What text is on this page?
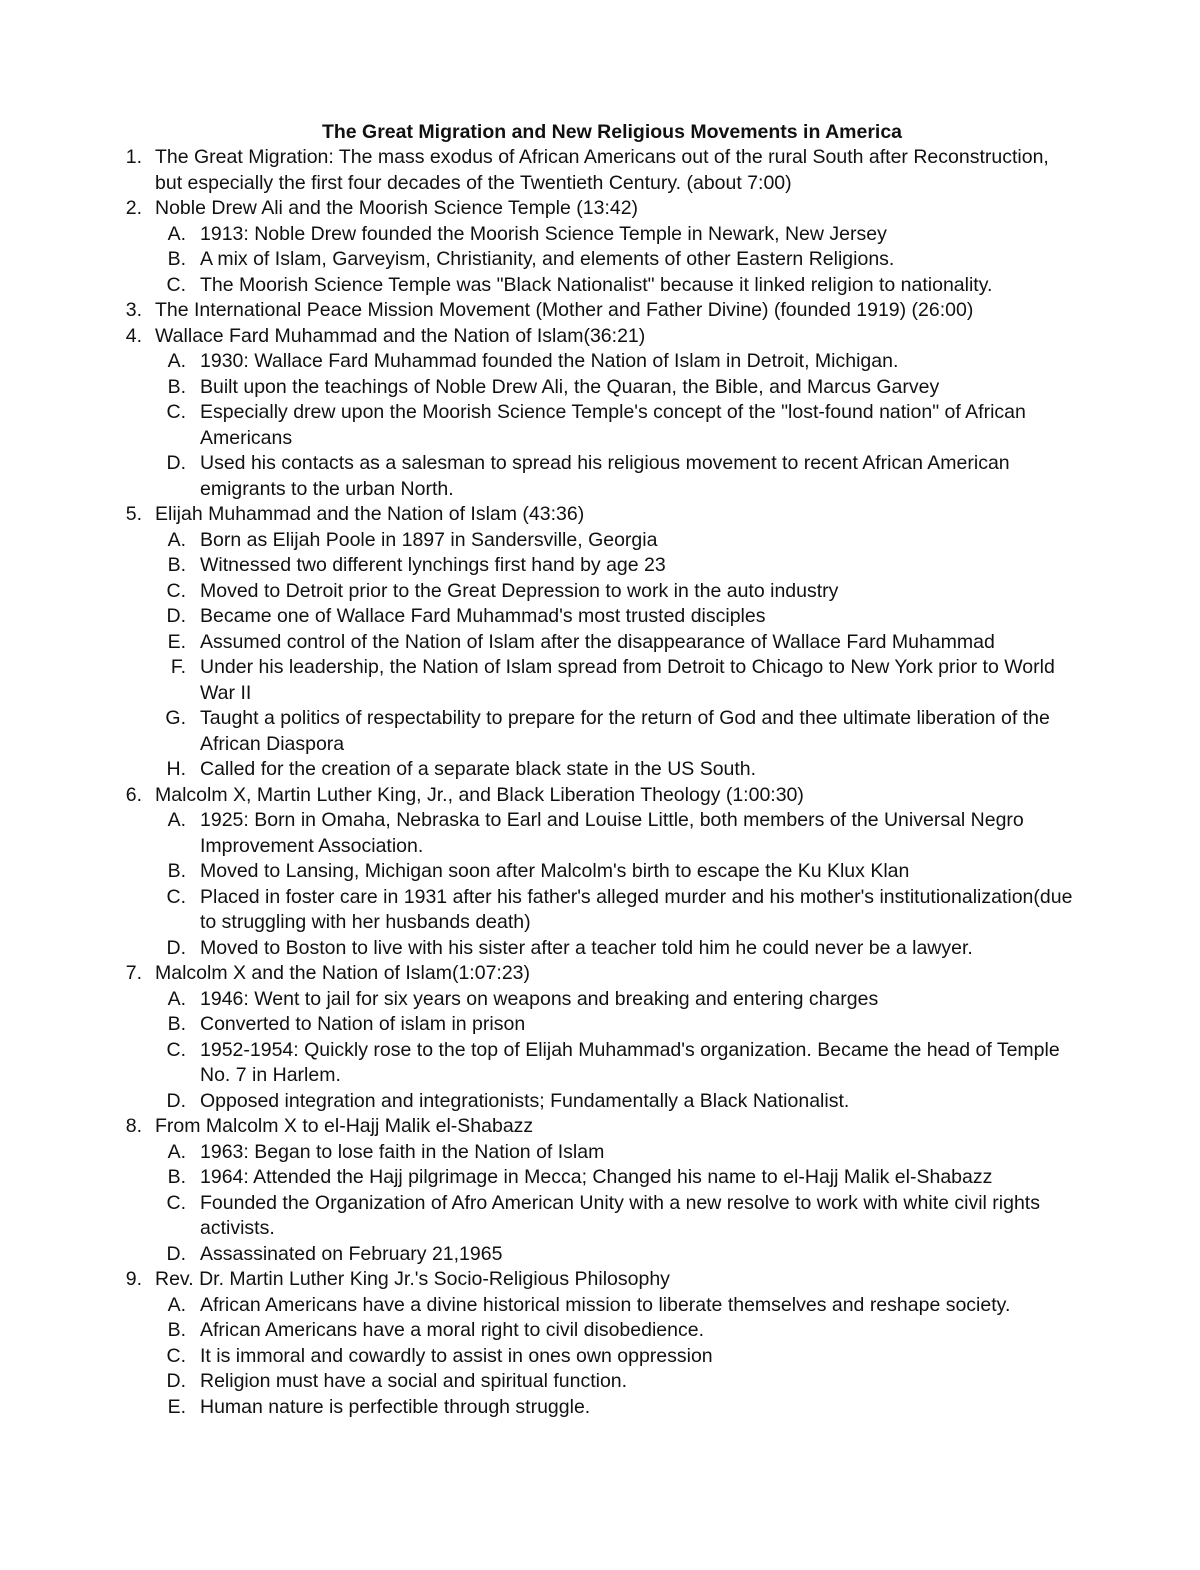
The Great Migration and New Religious Movements in America
1. The Great Migration: The mass exodus of African Americans out of the rural South after Reconstruction, but especially the first four decades of the Twentieth Century. (about 7:00)
2. Noble Drew Ali and the Moorish Science Temple (13:42)
A. 1913: Noble Drew founded the Moorish Science Temple in Newark, New Jersey
B. A mix of Islam, Garveyism, Christianity, and elements of other Eastern Religions.
C. The Moorish Science Temple was "Black Nationalist" because it linked religion to nationality.
3. The International Peace Mission Movement (Mother and Father Divine) (founded 1919) (26:00)
4. Wallace Fard Muhammad and the Nation of Islam(36:21)
A. 1930: Wallace Fard Muhammad founded the Nation of Islam in Detroit, Michigan.
B. Built upon the teachings of Noble Drew Ali, the Quaran, the Bible, and Marcus Garvey
C. Especially drew upon the Moorish Science Temple's concept of the "lost-found nation" of African Americans
D. Used his contacts as a salesman to spread his religious movement to recent African American emigrants to the urban North.
5. Elijah Muhammad and the Nation of Islam (43:36)
A. Born as Elijah Poole in 1897 in Sandersville, Georgia
B. Witnessed two different lynchings first hand by age 23
C. Moved to Detroit prior to the Great Depression to work in the auto industry
D. Became one of Wallace Fard Muhammad's most trusted disciples
E. Assumed control of the Nation of Islam after the disappearance of Wallace Fard Muhammad
F. Under his leadership, the Nation of Islam spread from Detroit to Chicago to New York prior to World War II
G. Taught a politics of respectability to prepare for the return of God and thee ultimate liberation of the African Diaspora
H. Called for the creation of a separate black state in the US South.
6. Malcolm X, Martin Luther King, Jr., and Black Liberation Theology (1:00:30)
A. 1925: Born in Omaha, Nebraska to Earl and Louise Little, both members of the Universal Negro Improvement Association.
B. Moved to Lansing, Michigan soon after Malcolm's birth to escape the Ku Klux Klan
C. Placed in foster care in 1931 after his father's alleged murder and his mother's institutionalization(due to struggling with her husbands death)
D. Moved to Boston to live with his sister after a teacher told him he could never be a lawyer.
7. Malcolm X and the Nation of Islam(1:07:23)
A. 1946: Went to jail for six years on weapons and breaking and entering charges
B. Converted to Nation of islam in prison
C. 1952-1954: Quickly rose to the top of Elijah Muhammad's organization. Became the head of Temple No. 7 in Harlem.
D. Opposed integration and integrationists; Fundamentally a Black Nationalist.
8. From Malcolm X to el-Hajj Malik el-Shabazz
A. 1963: Began to lose faith in the Nation of Islam
B. 1964: Attended the Hajj pilgrimage in Mecca; Changed his name to el-Hajj Malik el-Shabazz
C. Founded the Organization of Afro American Unity with a new resolve to work with white civil rights activists.
D. Assassinated on February 21,1965
9. Rev. Dr. Martin Luther King Jr.'s Socio-Religious Philosophy
A. African Americans have a divine historical mission to liberate themselves and reshape society.
B. African Americans have a moral right to civil disobedience.
C. It is immoral and cowardly to assist in ones own oppression
D. Religion must have a social and spiritual function.
E. Human nature is perfectible through struggle.
